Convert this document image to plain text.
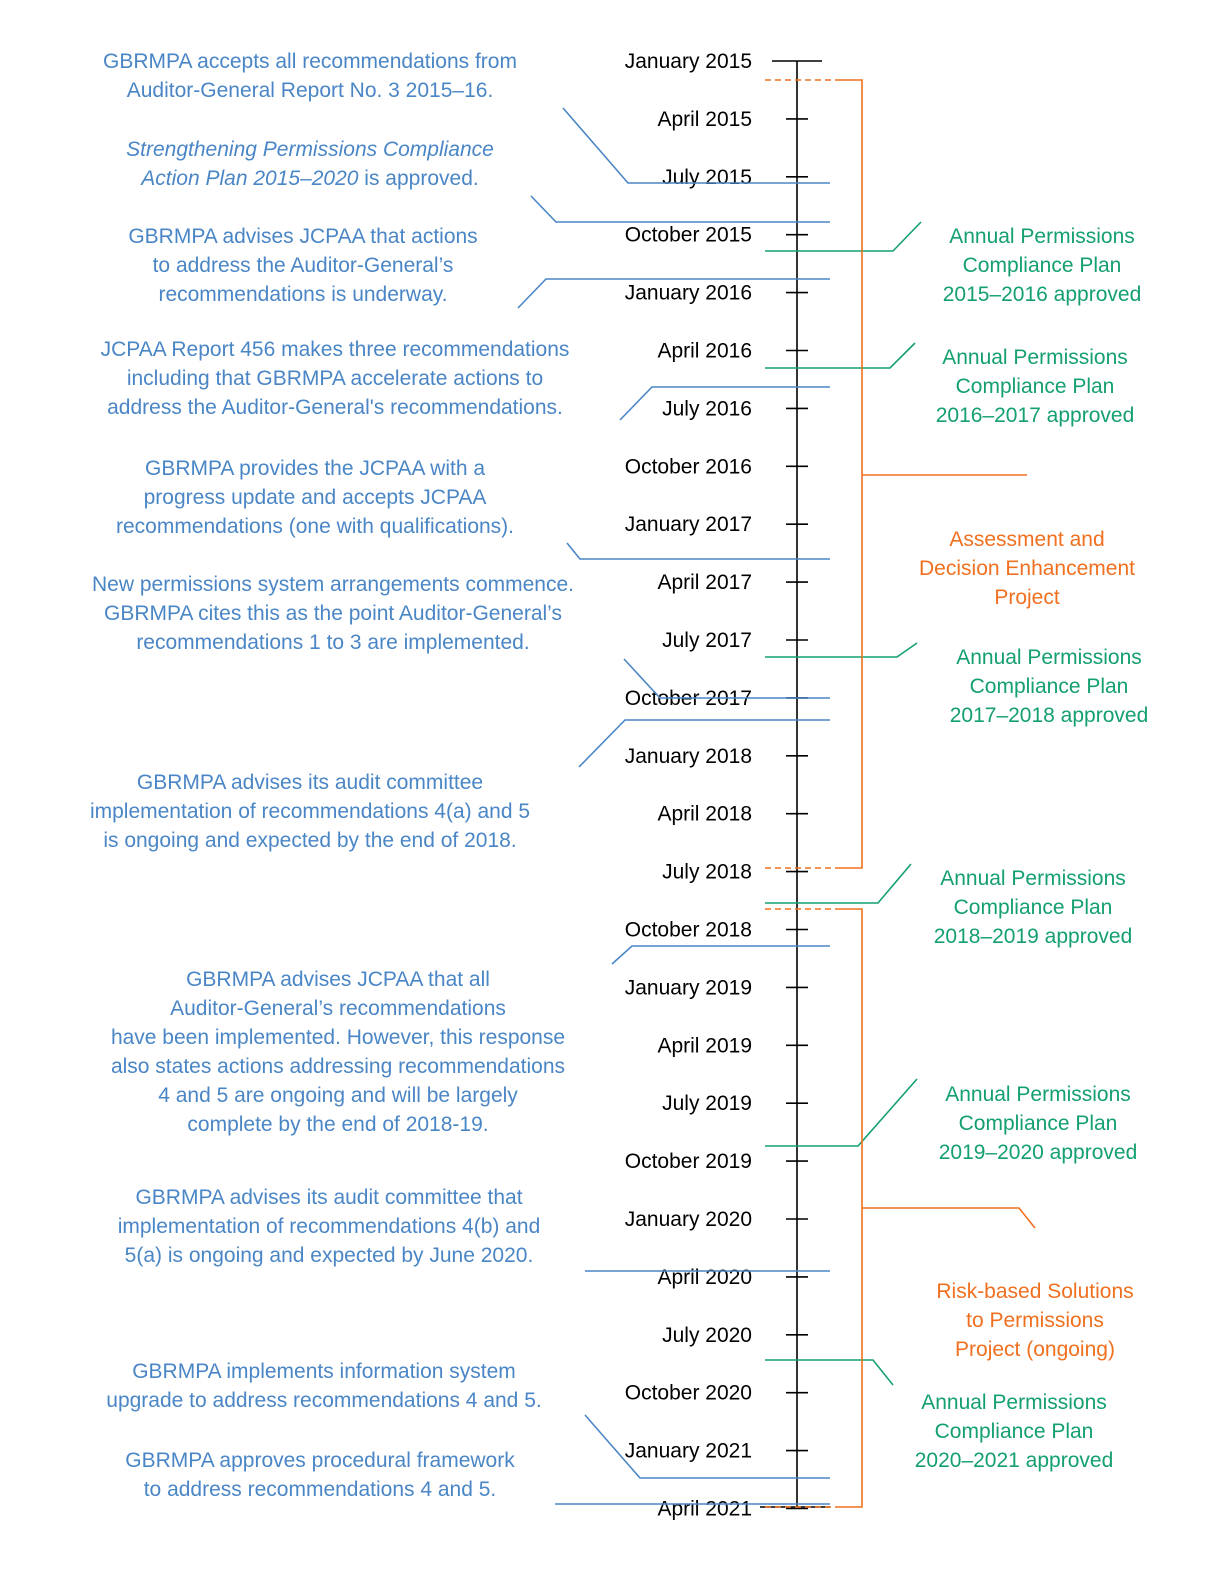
January 2015
April 2015
July 2015
October 2015
January 2016
April 2016
July 2016
October 2016
January 2017
April 2017
July 2017
October 2017
January 2018
April 2018
July 2018
October 2018
January 2019
April 2019
July 2019
October 2019
January 2020
April 2020
July 2020
October 2020
January 2021
April 2021
GBRMPA accepts all recommendations from
Auditor-General Report No. 3 2015–16.
Strengthening Permissions Compliance
Action Plan 2015–2020 is approved.
GBRMPA advises JCPAA that actions
to address the Auditor-General’s
recommendations is underway.
JCPAA Report 456 makes three recommendations
including that GBRMPA accelerate actions to
address the Auditor-General's recommendations.
GBRMPA provides the JCPAA with a
progress update and accepts JCPAA
recommendations (one with qualifications).
New permissions system arrangements commence.
GBRMPA cites this as the point Auditor-General’s
recommendations 1 to 3 are implemented.
GBRMPA advises its audit committee
implementation of recommendations 4(a) and 5
is ongoing and expected by the end of 2018.
GBRMPA advises JCPAA that all
Auditor-General’s recommendations
have been implemented. However, this response
also states actions addressing recommendations
4 and 5 are ongoing and will be largely
complete by the end of 2018-19.
GBRMPA advises its audit committee that
implementation of recommendations 4(b) and
5(a) is ongoing and expected by June 2020.
GBRMPA implements information system
upgrade to address recommendations 4 and 5.
GBRMPA approves procedural framework
to address recommendations 4 and 5.
Annual Permissions
Compliance Plan
2015–2016 approved
Annual Permissions
Compliance Plan
2016–2017 approved
Annual Permissions
Compliance Plan
2017–2018 approved
Annual Permissions
Compliance Plan
2018–2019 approved
Annual Permissions
Compliance Plan
2019–2020 approved
Annual Permissions
Compliance Plan
2020–2021 approved
Assessment and
Decision Enhancement
Project
Risk-based Solutions
to Permissions
Project (ongoing)
